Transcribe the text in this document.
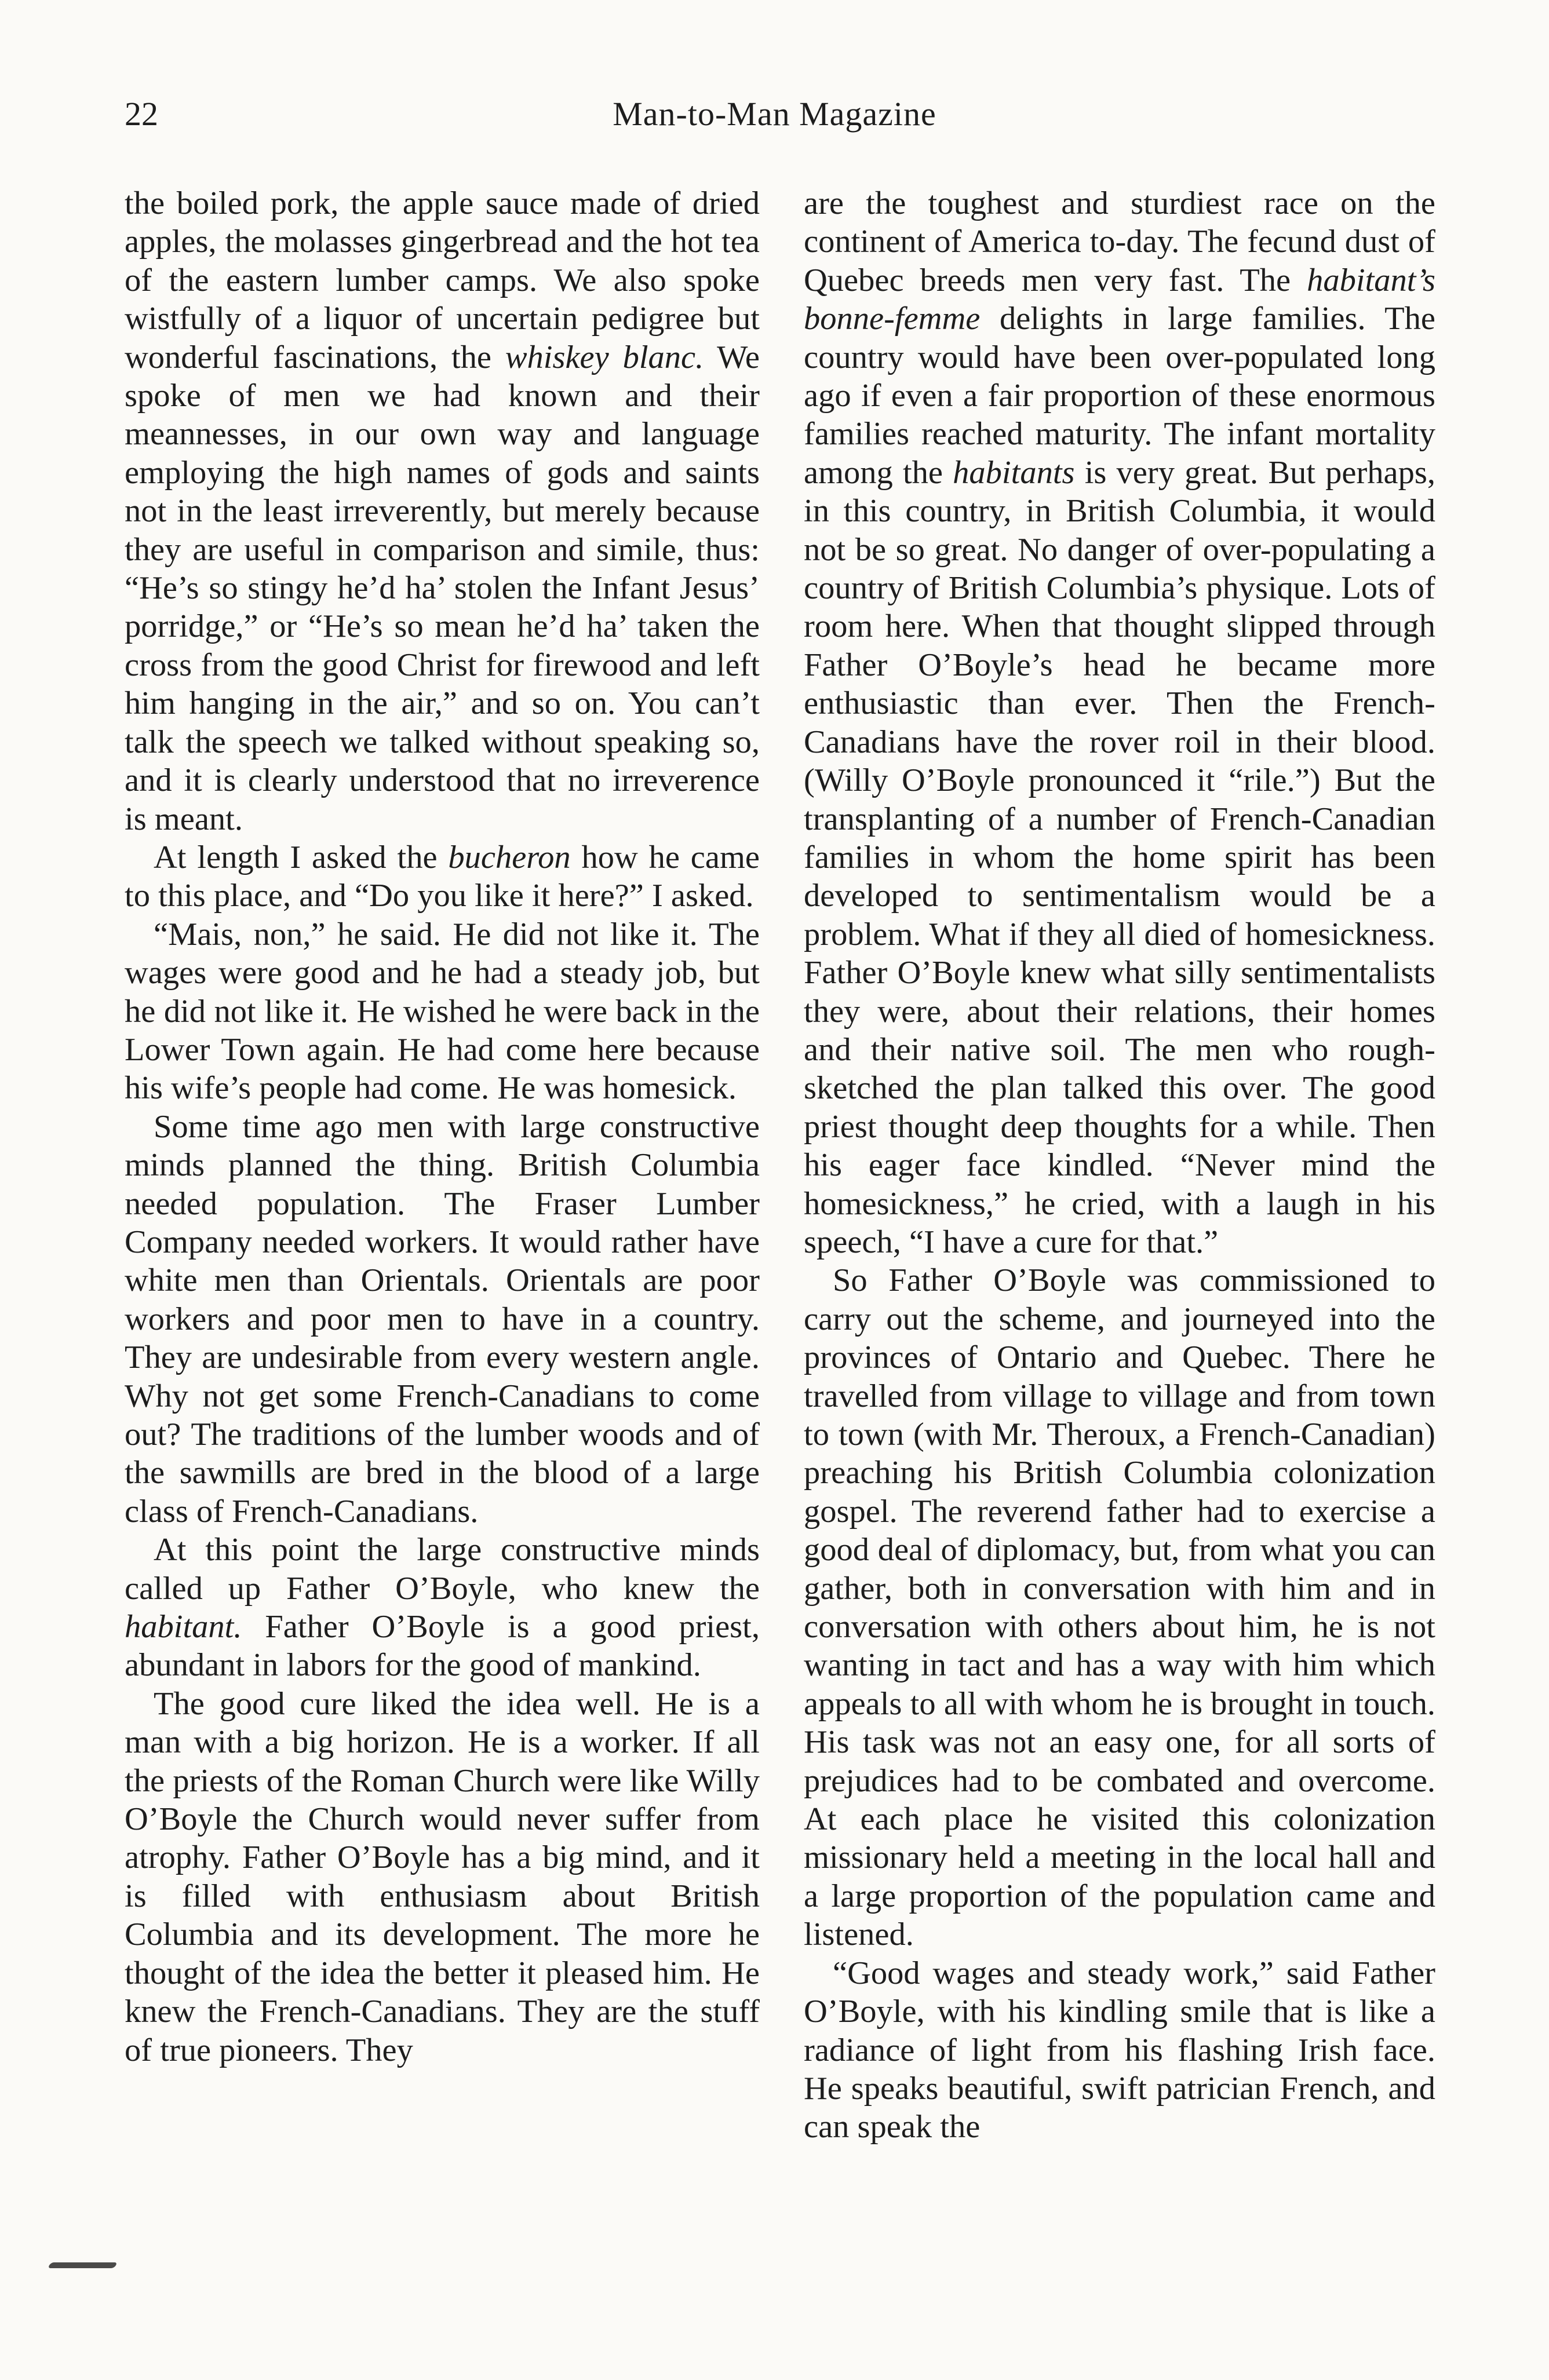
22	Man-to-Man Magazine

the boiled pork, the apple sauce made of dried apples, the molasses gingerbread and the hot tea of the eastern lumber camps. We also spoke wistfully of a liquor of uncertain pedigree but wonderful fascinations, the whiskey blanc. We spoke of men we had known and their meannesses, in our own way and language employing the high names of gods and saints not in the least irreverently, but merely because they are useful in comparison and simile, thus: “He’s so stingy he’d ha’ stolen the Infant Jesus’ porridge,” or “He’s so mean he’d ha’ taken the cross from the good Christ for firewood and left him hanging in the air,” and so on. You can’t talk the speech we talked without speaking so, and it is clearly understood that no irreverence is meant.

At length I asked the bucheron how he came to this place, and “Do you like it here?” I asked.

“Mais, non,” he said. He did not like it. The wages were good and he had a steady job, but he did not like it. He wished he were back in the Lower Town again. He had come here because his wife’s people had come. He was homesick.

Some time ago men with large constructive minds planned the thing. British Columbia needed population. The Fraser Lumber Company needed workers. It would rather have white men than Orientals. Orientals are poor workers and poor men to have in a country. They are undesirable from every western angle. Why not get some French-Canadians to come out? The traditions of the lumber woods and of the sawmills are bred in the blood of a large class of French-Canadians.

At this point the large constructive minds called up Father O’Boyle, who knew the habitant. Father O’Boyle is a good priest, abundant in labors for the good of mankind.

The good cure liked the idea well. He is a man with a big horizon. He is a worker. If all the priests of the Roman Church were like Willy O’Boyle the Church would never suffer from atrophy. Father O’Boyle has a big mind, and it is filled with enthusiasm about British Columbia and its development. The more he thought of the idea the better it pleased him. He knew the French-Canadians. They are the stuff of true pioneers. They

are the toughest and sturdiest race on the continent of America to-day. The fecund dust of Quebec breeds men very fast. The habitant’s bonne-femme delights in large families. The country would have been over-populated long ago if even a fair proportion of these enormous families reached maturity. The infant mortality among the habitants is very great. But perhaps, in this country, in British Columbia, it would not be so great. No danger of over-populating a country of British Columbia’s physique. Lots of room here. When that thought slipped through Father O’Boyle’s head he became more enthusiastic than ever. Then the French-Canadians have the rover roil in their blood. (Willy O’Boyle pronounced it “rile.”) But the transplanting of a number of French-Canadian families in whom the home spirit has been developed to sentimentalism would be a problem. What if they all died of homesickness. Father O’Boyle knew what silly sentimentalists they were, about their relations, their homes and their native soil. The men who rough-sketched the plan talked this over. The good priest thought deep thoughts for a while. Then his eager face kindled. “Never mind the homesickness,” he cried, with a laugh in his speech, “I have a cure for that.”

So Father O’Boyle was commissioned to carry out the scheme, and journeyed into the provinces of Ontario and Quebec. There he travelled from village to village and from town to town (with Mr. Theroux, a French-Canadian) preaching his British Columbia colonization gospel. The reverend father had to exercise a good deal of diplomacy, but, from what you can gather, both in conversation with him and in conversation with others about him, he is not wanting in tact and has a way with him which appeals to all with whom he is brought in touch. His task was not an easy one, for all sorts of prejudices had to be combated and overcome. At each place he visited this colonization missionary held a meeting in the local hall and a large proportion of the population came and listened.

“Good wages and steady work,” said Father O’Boyle, with his kindling smile that is like a radiance of light from his flashing Irish face. He speaks beautiful, swift patrician French, and can speak the
